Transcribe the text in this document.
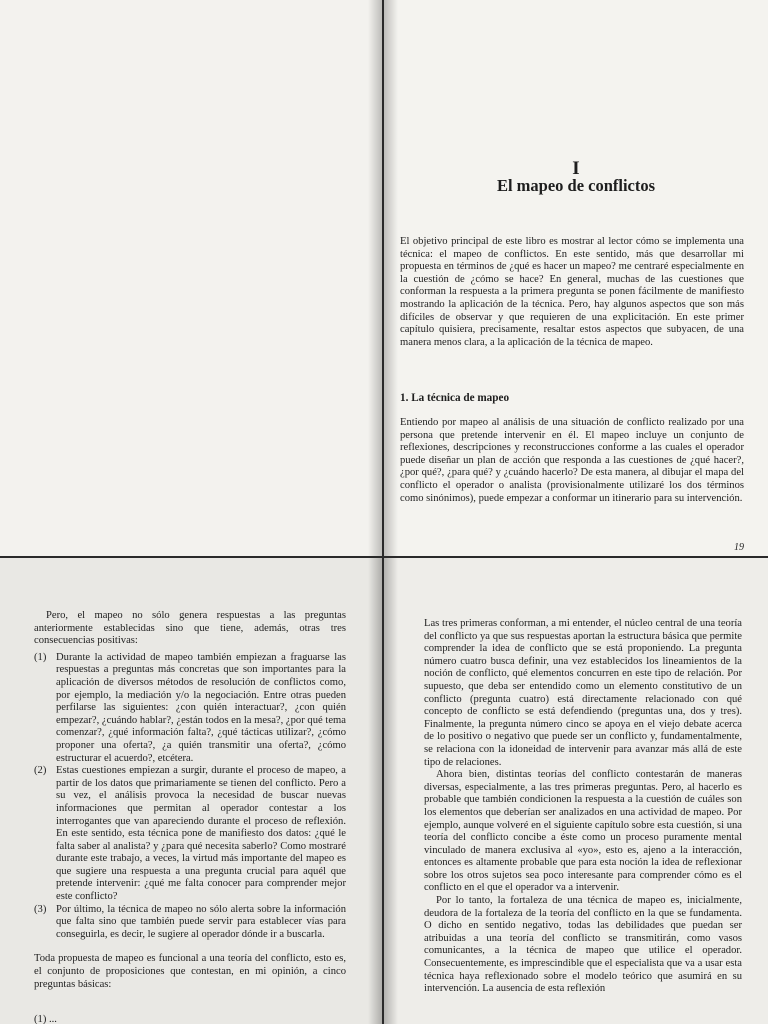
I
El mapeo de conflictos

El objetivo principal de este libro es mostrar al lector cómo se implementa una técnica: el mapeo de conflictos. En este sentido, más que desarrollar mi propuesta en términos de ¿qué es hacer un mapeo? me centraré especialmente en la cuestión de ¿cómo se hace? En general, muchas de las cuestiones que conforman la respuesta a la primera pregunta se ponen fácilmente de manifiesto mostrando la aplicación de la técnica. Pero, hay algunos aspectos que son más difíciles de observar y que requieren de una explicitación. En este primer capítulo quisiera, precisamente, resaltar estos aspectos que subyacen, de una manera menos clara, a la aplicación de la técnica de mapeo.

1. La técnica de mapeo

Entiendo por mapeo al análisis de una situación de conflicto realizado por una persona que pretende intervenir en él. El mapeo incluye un conjunto de reflexiones, descripciones y reconstrucciones conforme a las cuales el operador puede diseñar un plan de acción que responda a las cuestiones de ¿qué hacer?, ¿por qué?, ¿para qué? y ¿cuándo hacerlo? De esta manera, al dibujar el mapa del conflicto el operador o analista (provisionalmente utilizaré los dos términos como sinónimos), puede empezar a conformar un itinerario para su intervención.

19

Pero, el mapeo no sólo genera respuestas a las preguntas anteriormente establecidas sino que tiene, además, otras tres consecuencias positivas:

(1) Durante la actividad de mapeo también empiezan a fraguarse las respuestas a preguntas más concretas que son importantes para la aplicación de diversos métodos de resolución de conflictos como, por ejemplo, la mediación y/o la negociación. Entre otras pueden perfilarse las siguientes: ¿con quién interactuar?, ¿con quién empezar?, ¿cuándo hablar?, ¿están todos en la mesa?, ¿por qué tema comenzar?, ¿qué información falta?, ¿qué tácticas utilizar?, ¿cómo proponer una oferta?, ¿a quién transmitir una oferta?, ¿cómo estructurar el acuerdo?, etcétera.
(2) Estas cuestiones empiezan a surgir, durante el proceso de mapeo, a partir de los datos que primariamente se tienen del conflicto. Pero a su vez, el análisis provoca la necesidad de buscar nuevas informaciones que permitan al operador contestar a los interrogantes que van apareciendo durante el proceso de reflexión. En este sentido, esta técnica pone de manifiesto dos datos: ¿qué le falta saber al analista? y ¿para qué necesita saberlo? Como mostraré durante este trabajo, a veces, la virtud más importante del mapeo es que sugiere una respuesta a una pregunta crucial para aquél que pretende intervenir: ¿qué me falta conocer para comprender mejor este conflicto?
(3) Por último, la técnica de mapeo no sólo alerta sobre la información que falta sino que también puede servir para establecer vías para conseguirla, es decir, le sugiere al operador dónde ir a buscarla.

Toda propuesta de mapeo es funcional a una teoría del conflicto, esto es, el conjunto de proposiciones que contestan, en mi opinión, a cinco preguntas básicas:

(1) ...

Las tres primeras conforman, a mi entender, el núcleo central de una teoría del conflicto ya que sus respuestas aportan la estructura básica que permite comprender la idea de conflicto que se está proponiendo. La pregunta número cuatro busca definir, una vez establecidos los lineamientos de la noción de conflicto, qué elementos concurren en este tipo de relación. Por supuesto, que deba ser entendido como un elemento constitutivo de un conflicto (pregunta cuatro) está directamente relacionado con qué concepto de conflicto se está defendiendo (preguntas una, dos y tres). Finalmente, la pregunta número cinco se apoya en el viejo debate acerca de lo positivo o negativo que puede ser un conflicto y, fundamentalmente, se relaciona con la idoneidad de intervenir para avanzar más allá de este tipo de relaciones.

Ahora bien, distintas teorías del conflicto contestarán de maneras diversas, especialmente, a las tres primeras preguntas. Pero, al hacerlo es probable que también condicionen la respuesta a la cuestión de cuáles son los elementos que deberían ser analizados en una actividad de mapeo. Por ejemplo, aunque volveré en el siguiente capítulo sobre esta cuestión, si una teoría del conflicto concibe a éste como un proceso puramente mental vinculado de manera exclusiva al «yo», esto es, ajeno a la interacción, entonces es altamente probable que para esta noción la idea de reflexionar sobre los otros sujetos sea poco interesante para comprender cómo es el conflicto en el que el operador va a intervenir.

Por lo tanto, la fortaleza de una técnica de mapeo es, inicialmente, deudora de la fortaleza de la teoría del conflicto en la que se fundamenta. O dicho en sentido negativo, todas las debilidades que puedan ser atribuidas a una teoría del conflicto se transmitirán, como vasos comunicantes, a la técnica de mapeo que utilice el operador. Consecuentemente, es imprescindible que el especialista que va a usar esta técnica haya reflexionado sobre el modelo teórico que asumirá en su intervención. La ausencia de esta reflexión
